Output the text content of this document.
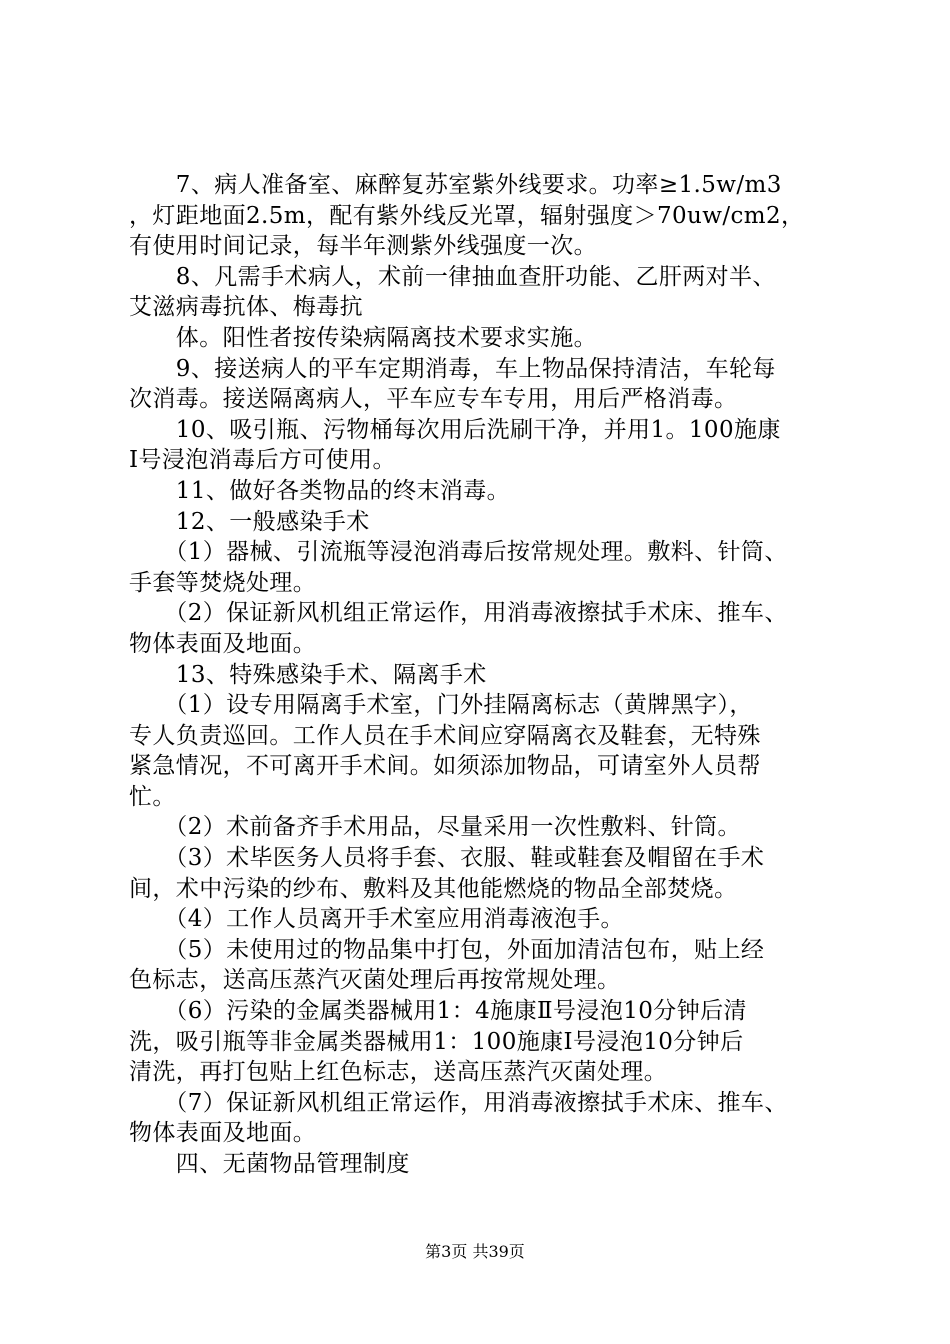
　　7、病人准备室、麻醉复苏室紫外线要求。功率≥1.5w/m3
，灯距地面2.5m，配有紫外线反光罩，辐射强度＞70uw/cm2，
有使用时间记录，每半年测紫外线强度一次。
　　8、凡需手术病人，术前一律抽血查肝功能、乙肝两对半、
艾滋病毒抗体、梅毒抗
　　体。阳性者按传染病隔离技术要求实施。
　　9、接送病人的平车定期消毒，车上物品保持清洁，车轮每
次消毒。接送隔离病人，平车应专车专用，用后严格消毒。
　　10、吸引瓶、污物桶每次用后洗刷干净，并用1。100施康
Ⅰ号浸泡消毒后方可使用。
　　11、做好各类物品的终末消毒。
　　12、一般感染手术
　　（1）器械、引流瓶等浸泡消毒后按常规处理。敷料、针筒、
手套等焚烧处理。
　　（2）保证新风机组正常运作，用消毒液擦拭手术床、推车、
物体表面及地面。
　　13、特殊感染手术、隔离手术
　　（1）设专用隔离手术室，门外挂隔离标志（黄牌黑字），
专人负责巡回。工作人员在手术间应穿隔离衣及鞋套，无特殊
紧急情况，不可离开手术间。如须添加物品，可请室外人员帮
忙。
　　（2）术前备齐手术用品，尽量采用一次性敷料、针筒。
　　（3）术毕医务人员将手套、衣服、鞋或鞋套及帽留在手术
间，术中污染的纱布、敷料及其他能燃烧的物品全部焚烧。
　　（4）工作人员离开手术室应用消毒液泡手。
　　（5）未使用过的物品集中打包，外面加清洁包布，贴上经
色标志，送高压蒸汽灭菌处理后再按常规处理。
　　（6）污染的金属类器械用1：4施康Ⅱ号浸泡10分钟后清
洗，吸引瓶等非金属类器械用1：100施康Ⅰ号浸泡10分钟后
清洗，再打包贴上红色标志，送高压蒸汽灭菌处理。
　　（7）保证新风机组正常运作，用消毒液擦拭手术床、推车、
物体表面及地面。
　　四、无菌物品管理制度
第3页 共39页
